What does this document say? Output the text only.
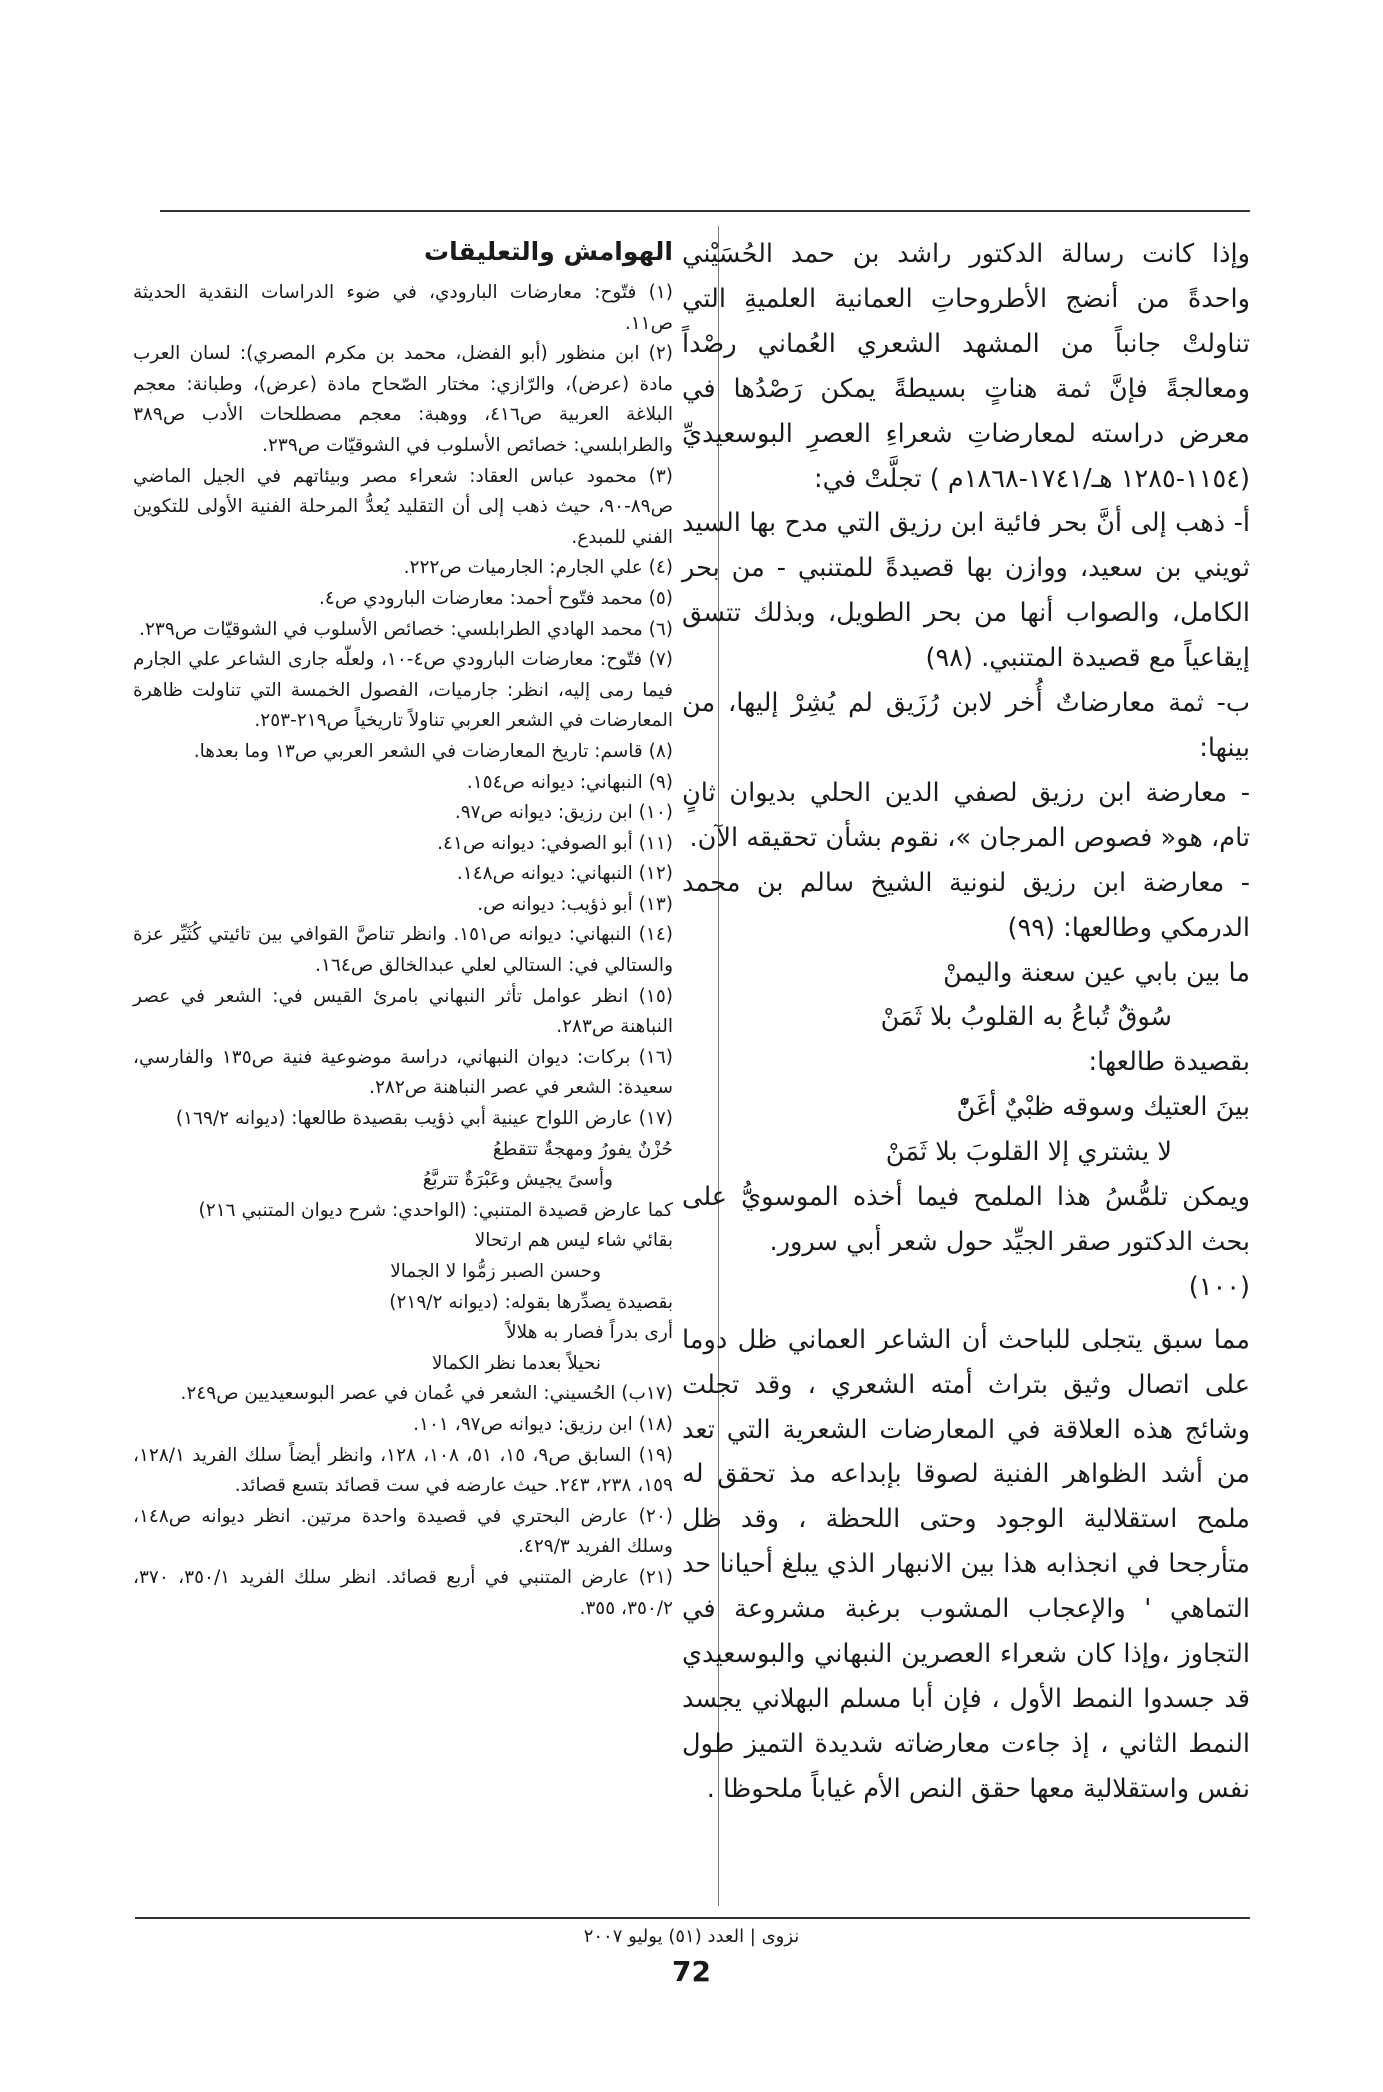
وإذا كانت رسالة الدكتور راشد بن حمد الحُسَيْني واحدةً من أنضج الأطروحاتِ العمانية العلميةِ التي تناولتْ جانباً من المشهد الشعري العُماني رصْداً ومعالجةً فإنَّ ثمة هناتٍ بسيطةً يمكن رَصْدُها في معرض دراسته لمعارضاتِ شعراءِ العصرِ البوسعيديِّ (١١٥٤-١٢٨٥ هـ/١٧٤١-١٨٦٨م ) تجلَّتْ في:

أ- ذهب إلى أنَّ بحر فائية ابن رزيق التي مدح بها السيد ثويني بن سعيد، ووازن بها قصيدةً للمتنبي - من بحر الكامل، والصواب أنها من بحر الطويل، وبذلك تتسق إيقاعياً مع قصيدة المتنبي. (٩٨)

ب- ثمة معارضاتٌ أُخر لابن رُزَيق لم يُشِرْ إليها، من بينها:

- معارضة ابن رزيق لصفي الدين الحلي بديوان ثانٍ تام، هو« فصوص المرجان »، نقوم بشأن تحقيقه الآن.

- معارضة ابن رزيق لنونية الشيخ سالم بن محمد الدرمكي وطالعها: (٩٩)

ما بين بابي عين سعنة واليمنْ

سُوقٌ تُباعُ به القلوبُ بلا ثَمَنْ

بقصيدة طالعها:

بينَ العتيك وسوقه ظبْيٌ أغَنّْ

لا يشتري إلا القلوبَ بلا ثَمَنْ

ويمكن تلمُّسُ هذا الملمح فيما أخذه الموسويُّ على بحث الدكتور صقر الجيِّد حول شعر أبي سرور.

(١٠٠)

مما سبق يتجلى للباحث أن الشاعر العماني ظل دوما على اتصال وثيق بتراث أمته الشعري ، وقد تجلت وشائج هذه العلاقة في المعارضات الشعرية التي تعد من أشد الظواهر الفنية لصوقا بإبداعه مذ تحقق له ملمح استقلالية الوجود وحتى اللحظة ، وقد ظل متأرجحا في انجذابه هذا بين الانبهار الذي يبلغ أحيانا حد التماهي ' والإعجاب المشوب برغبة مشروعة في التجاوز ،وإذا كان شعراء العصرين النبهاني والبوسعيدي قد جسدوا النمط الأول ، فإن أبا مسلم البهلاني يجسد النمط الثاني ، إذ جاءت معارضاته شديدة التميز طول نفس واستقلالية معها حقق النص الأم غياباً ملحوظا .

الهوامش والتعليقات

(١) فتّوح: معارضات البارودي، في ضوء الدراسات النقدية الحديثة ص١١.

(٢) ابن منظور (أبو الفضل، محمد بن مكرم المصري): لسان العرب مادة (عرض)، والرّازي: مختار الصّحاح مادة (عرض)، وطبانة: معجم البلاغة العربية ص٤١٦، ووهبة: معجم مصطلحات الأدب ص٣٨٩ والطرابلسي: خصائص الأسلوب في الشوقيّات ص٢٣٩.

(٣) محمود عباس العقاد: شعراء مصر وبيئاتهم في الجيل الماضي ص٨٩-٩٠، حيث ذهب إلى أن التقليد يُعدُّ المرحلة الفنية الأولى للتكوين الفني للمبدع.

(٤) علي الجارم: الجارميات ص٢٢٢.

(٥) محمد فتّوح أحمد: معارضات البارودي ص٤.

(٦) محمد الهادي الطرابلسي: خصائص الأسلوب في الشوقيّات ص٢٣٩.

(٧) فتّوح: معارضات البارودي ص٤-١٠، ولعلّه جارى الشاعر علي الجارم فيما رمى إليه، انظر: جارميات، الفصول الخمسة التي تناولت ظاهرة المعارضات في الشعر العربي تناولاً تاريخياً ص٢١٩-٢٥٣.

(٨) قاسم: تاريخ المعارضات في الشعر العربي ص١٣ وما بعدها.

(٩) النبهاني: ديوانه ص١٥٤.

(١٠) ابن رزيق: ديوانه ص٩٧.

(١١) أبو الصوفي: ديوانه ص٤١.

(١٢) النبهاني: ديوانه ص١٤٨.

(١٣) أبو ذؤيب: ديوانه ص.

(١٤) النبهاني: ديوانه ص١٥١. وانظر تناصَّ القوافي بين تائيتي كُثَيِّر عزة والستالي في: الستالي لعلي عبدالخالق ص١٦٤.

(١٥) انظر عوامل تأثر النبهاني بامرئ القيس في: الشعر في عصر النباهنة ص٢٨٣.

(١٦) بركات: ديوان النبهاني، دراسة موضوعية فنية ص١٣٥ والفارسي، سعيدة: الشعر في عصر النباهنة ص٢٨٢.

(١٧) عارض اللواح عينية أبي ذؤيب بقصيدة طالعها: (ديوانه ١٦٩/٢)

حُزْنٌ يفورُ ومهجةٌ تتقطعُ

وأسىً يجيش وعَبْرَةٌ تتربَّعُ

كما عارض قصيدة المتنبي: (الواحدي: شرح ديوان المتنبي ٢١٦)

بقائي شاء ليس هم ارتحالا

وحسن الصبر زمُّوا لا الجمالا

بقصيدة يصدِّرها بقوله: (ديوانه ٢١٩/٢)

أرى بدراً فصار به هلالاً

نحيلاً بعدما نظر الكمالا

(١٧ب) الحُسيني: الشعر في عُمان في عصر البوسعيديين ص٢٤٩.

(١٨) ابن رزيق: ديوانه ص٩٧، ١٠١.

(١٩) السابق ص٩، ١٥، ٥١، ١٠٨، ١٢٨، وانظر أيضاً سلك الفريد ١٢٨/١، ١٥٩، ٢٣٨، ٢٤٣. حيث عارضه في ست قصائد بتسع قصائد.

(٢٠) عارض البحتري في قصيدة واحدة مرتين. انظر ديوانه ص١٤٨، وسلك الفريد ٤٢٩/٣.

(٢١) عارض المتنبي في أربع قصائد. انظر سلك الفريد ٣٥٠/١، ٣٧٠، ٣٥٠/٢، ٣٥٥.

نزوى | العدد (٥١) يوليو ٢٠٠٧
72
